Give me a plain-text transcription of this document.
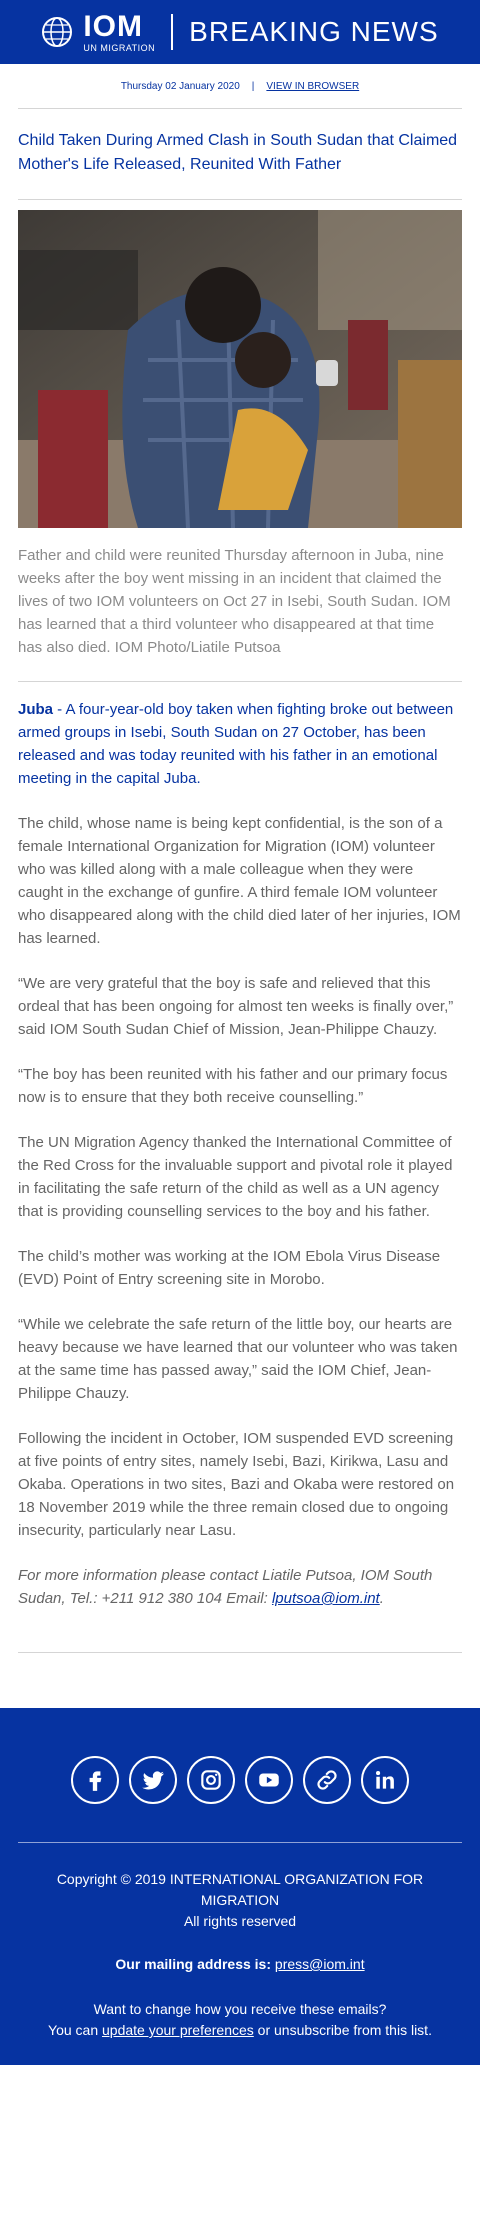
IOM
UN MIGRATION
BREAKING NEWS
Thursday 02 January 2020 | VIEW IN BROWSER
Child Taken During Armed Clash in South Sudan that Claimed Mother's Life Released, Reunited With Father

Father and child were reunited Thursday afternoon in Juba, nine weeks after the boy went missing in an incident that claimed the lives of two IOM volunteers on Oct 27 in Isebi, South Sudan. IOM has learned that a third volunteer who disappeared at that time has also died. IOM Photo/Liatile Putsoa

Juba - A four-year-old boy taken when fighting broke out between armed groups in Isebi, South Sudan on 27 October, has been released and was today reunited with his father in an emotional meeting in the capital Juba.

The child, whose name is being kept confidential, is the son of a female International Organization for Migration (IOM) volunteer who was killed along with a male colleague when they were caught in the exchange of gunfire. A third female IOM volunteer who disappeared along with the child died later of her injuries, IOM has learned.

“We are very grateful that the boy is safe and relieved that this ordeal that has been ongoing for almost ten weeks is finally over,” said IOM South Sudan Chief of Mission, Jean-Philippe Chauzy.

“The boy has been reunited with his father and our primary focus now is to ensure that they both receive counselling.”

The UN Migration Agency thanked the International Committee of the Red Cross for the invaluable support and pivotal role it played in facilitating the safe return of the child as well as a UN agency that is providing counselling services to the boy and his father.

The child’s mother was working at the IOM Ebola Virus Disease (EVD) Point of Entry screening site in Morobo.

“While we celebrate the safe return of the little boy, our hearts are heavy because we have learned that our volunteer who was taken at the same time has passed away,” said the IOM Chief, Jean-Philippe Chauzy.

Following the incident in October, IOM suspended EVD screening at five points of entry sites, namely Isebi, Bazi, Kirikwa, Lasu and Okaba. Operations in two sites, Bazi and Okaba were restored on 18 November 2019 while the three remain closed due to ongoing insecurity, particularly near Lasu.

For more information please contact Liatile Putsoa, IOM South Sudan, Tel.: +211 912 380 104 Email: lputsoa@iom.int.

Copyright © 2019 INTERNATIONAL ORGANIZATION FOR MIGRATION
All rights reserved
Our mailing address is: press@iom.int
Want to change how you receive these emails?
You can update your preferences or unsubscribe from this list.
